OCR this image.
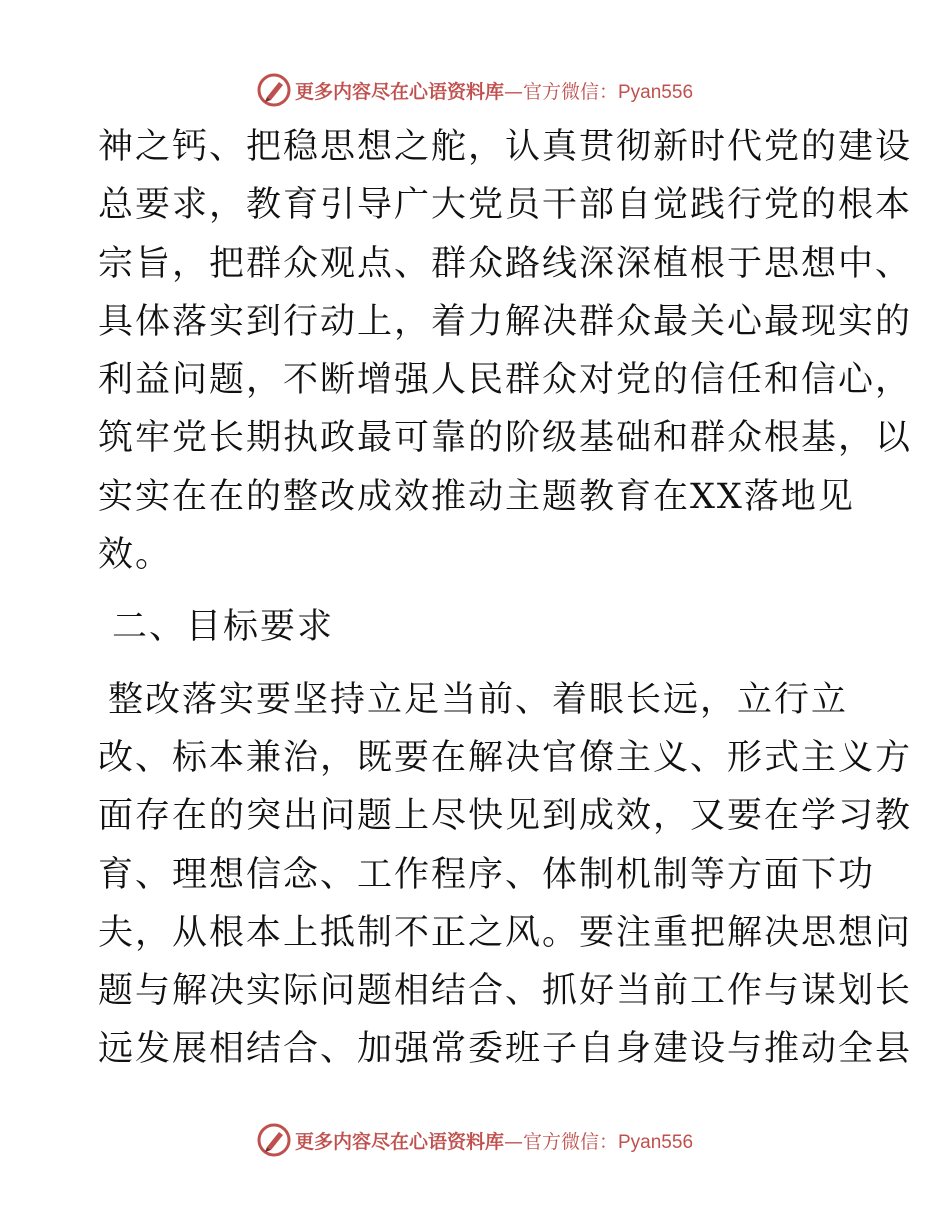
更多内容尽在心语资料库—官方微信：Pyan556
神之钙、把稳思想之舵，认真贯彻新时代党的建设
总要求，教育引导广大党员干部自觉践行党的根本
宗旨，把群众观点、群众路线深深植根于思想中、
具体落实到行动上，着力解决群众最关心最现实的
利益问题，不断增强人民群众对党的信任和信心，
筑牢党长期执政最可靠的阶级基础和群众根基，以
实实在在的整改成效推动主题教育在XX落地见
效。
二、目标要求
整改落实要坚持立足当前、着眼长远，立行立
改、标本兼治，既要在解决官僚主义、形式主义方
面存在的突出问题上尽快见到成效，又要在学习教
育、理想信念、工作程序、体制机制等方面下功
夫，从根本上抵制不正之风。要注重把解决思想问
题与解决实际问题相结合、抓好当前工作与谋划长
远发展相结合、加强常委班子自身建设与推动全县
更多内容尽在心语资料库—官方微信：Pyan556
